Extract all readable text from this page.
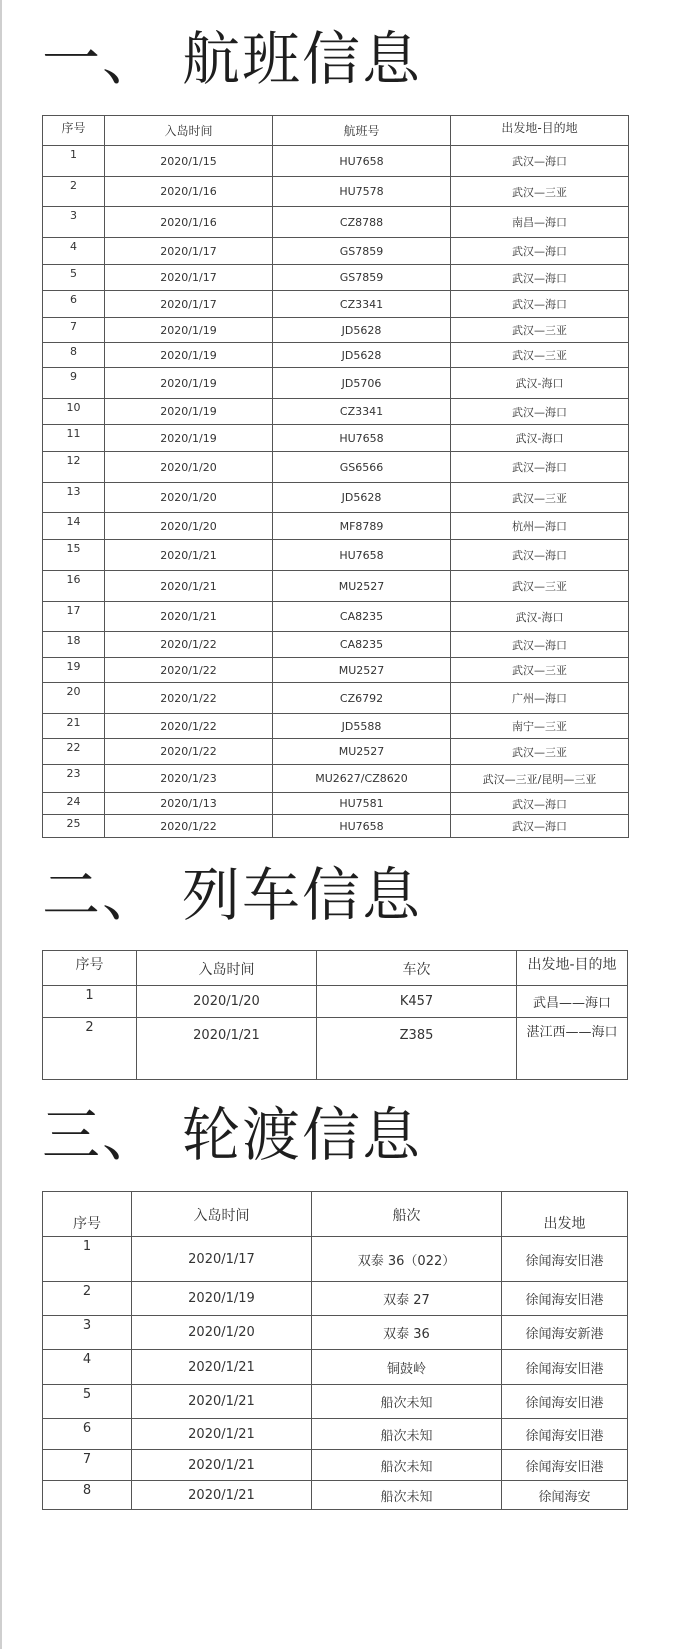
一、 航班信息
序号	入岛时间	航班号	出发地-目的地
1	2020/1/15	HU7658	武汉—海口
2	2020/1/16	HU7578	武汉—三亚
3	2020/1/16	CZ8788	南昌—海口
4	2020/1/17	GS7859	武汉—海口
5	2020/1/17	GS7859	武汉—海口
6	2020/1/17	CZ3341	武汉—海口
7	2020/1/19	JD5628	武汉—三亚
8	2020/1/19	JD5628	武汉—三亚
9	2020/1/19	JD5706	武汉-海口
10	2020/1/19	CZ3341	武汉—海口
11	2020/1/19	HU7658	武汉-海口
12	2020/1/20	GS6566	武汉—海口
13	2020/1/20	JD5628	武汉—三亚
14	2020/1/20	MF8789	杭州—海口
15	2020/1/21	HU7658	武汉—海口
16	2020/1/21	MU2527	武汉—三亚
17	2020/1/21	CA8235	武汉-海口
18	2020/1/22	CA8235	武汉—海口
19	2020/1/22	MU2527	武汉—三亚
20	2020/1/22	CZ6792	广州—海口
21	2020/1/22	JD5588	南宁—三亚
22	2020/1/22	MU2527	武汉—三亚
23	2020/1/23	MU2627/CZ8620	武汉—三亚/昆明—三亚
24	2020/1/13	HU7581	武汉—海口
25	2020/1/22	HU7658	武汉—海口
二、 列车信息
序号	入岛时间	车次	出发地-目的地
1	2020/1/20	K457	武昌——海口
2	2020/1/21	Z385	湛江西——海口
三、 轮渡信息
序号	入岛时间	船次	出发地
1	2020/1/17	双泰 36（022）	徐闻海安旧港
2	2020/1/19	双泰 27	徐闻海安旧港
3	2020/1/20	双泰 36	徐闻海安新港
4	2020/1/21	铜鼓岭	徐闻海安旧港
5	2020/1/21	船次未知	徐闻海安旧港
6	2020/1/21	船次未知	徐闻海安旧港
7	2020/1/21	船次未知	徐闻海安旧港
8	2020/1/21	船次未知	徐闻海安
